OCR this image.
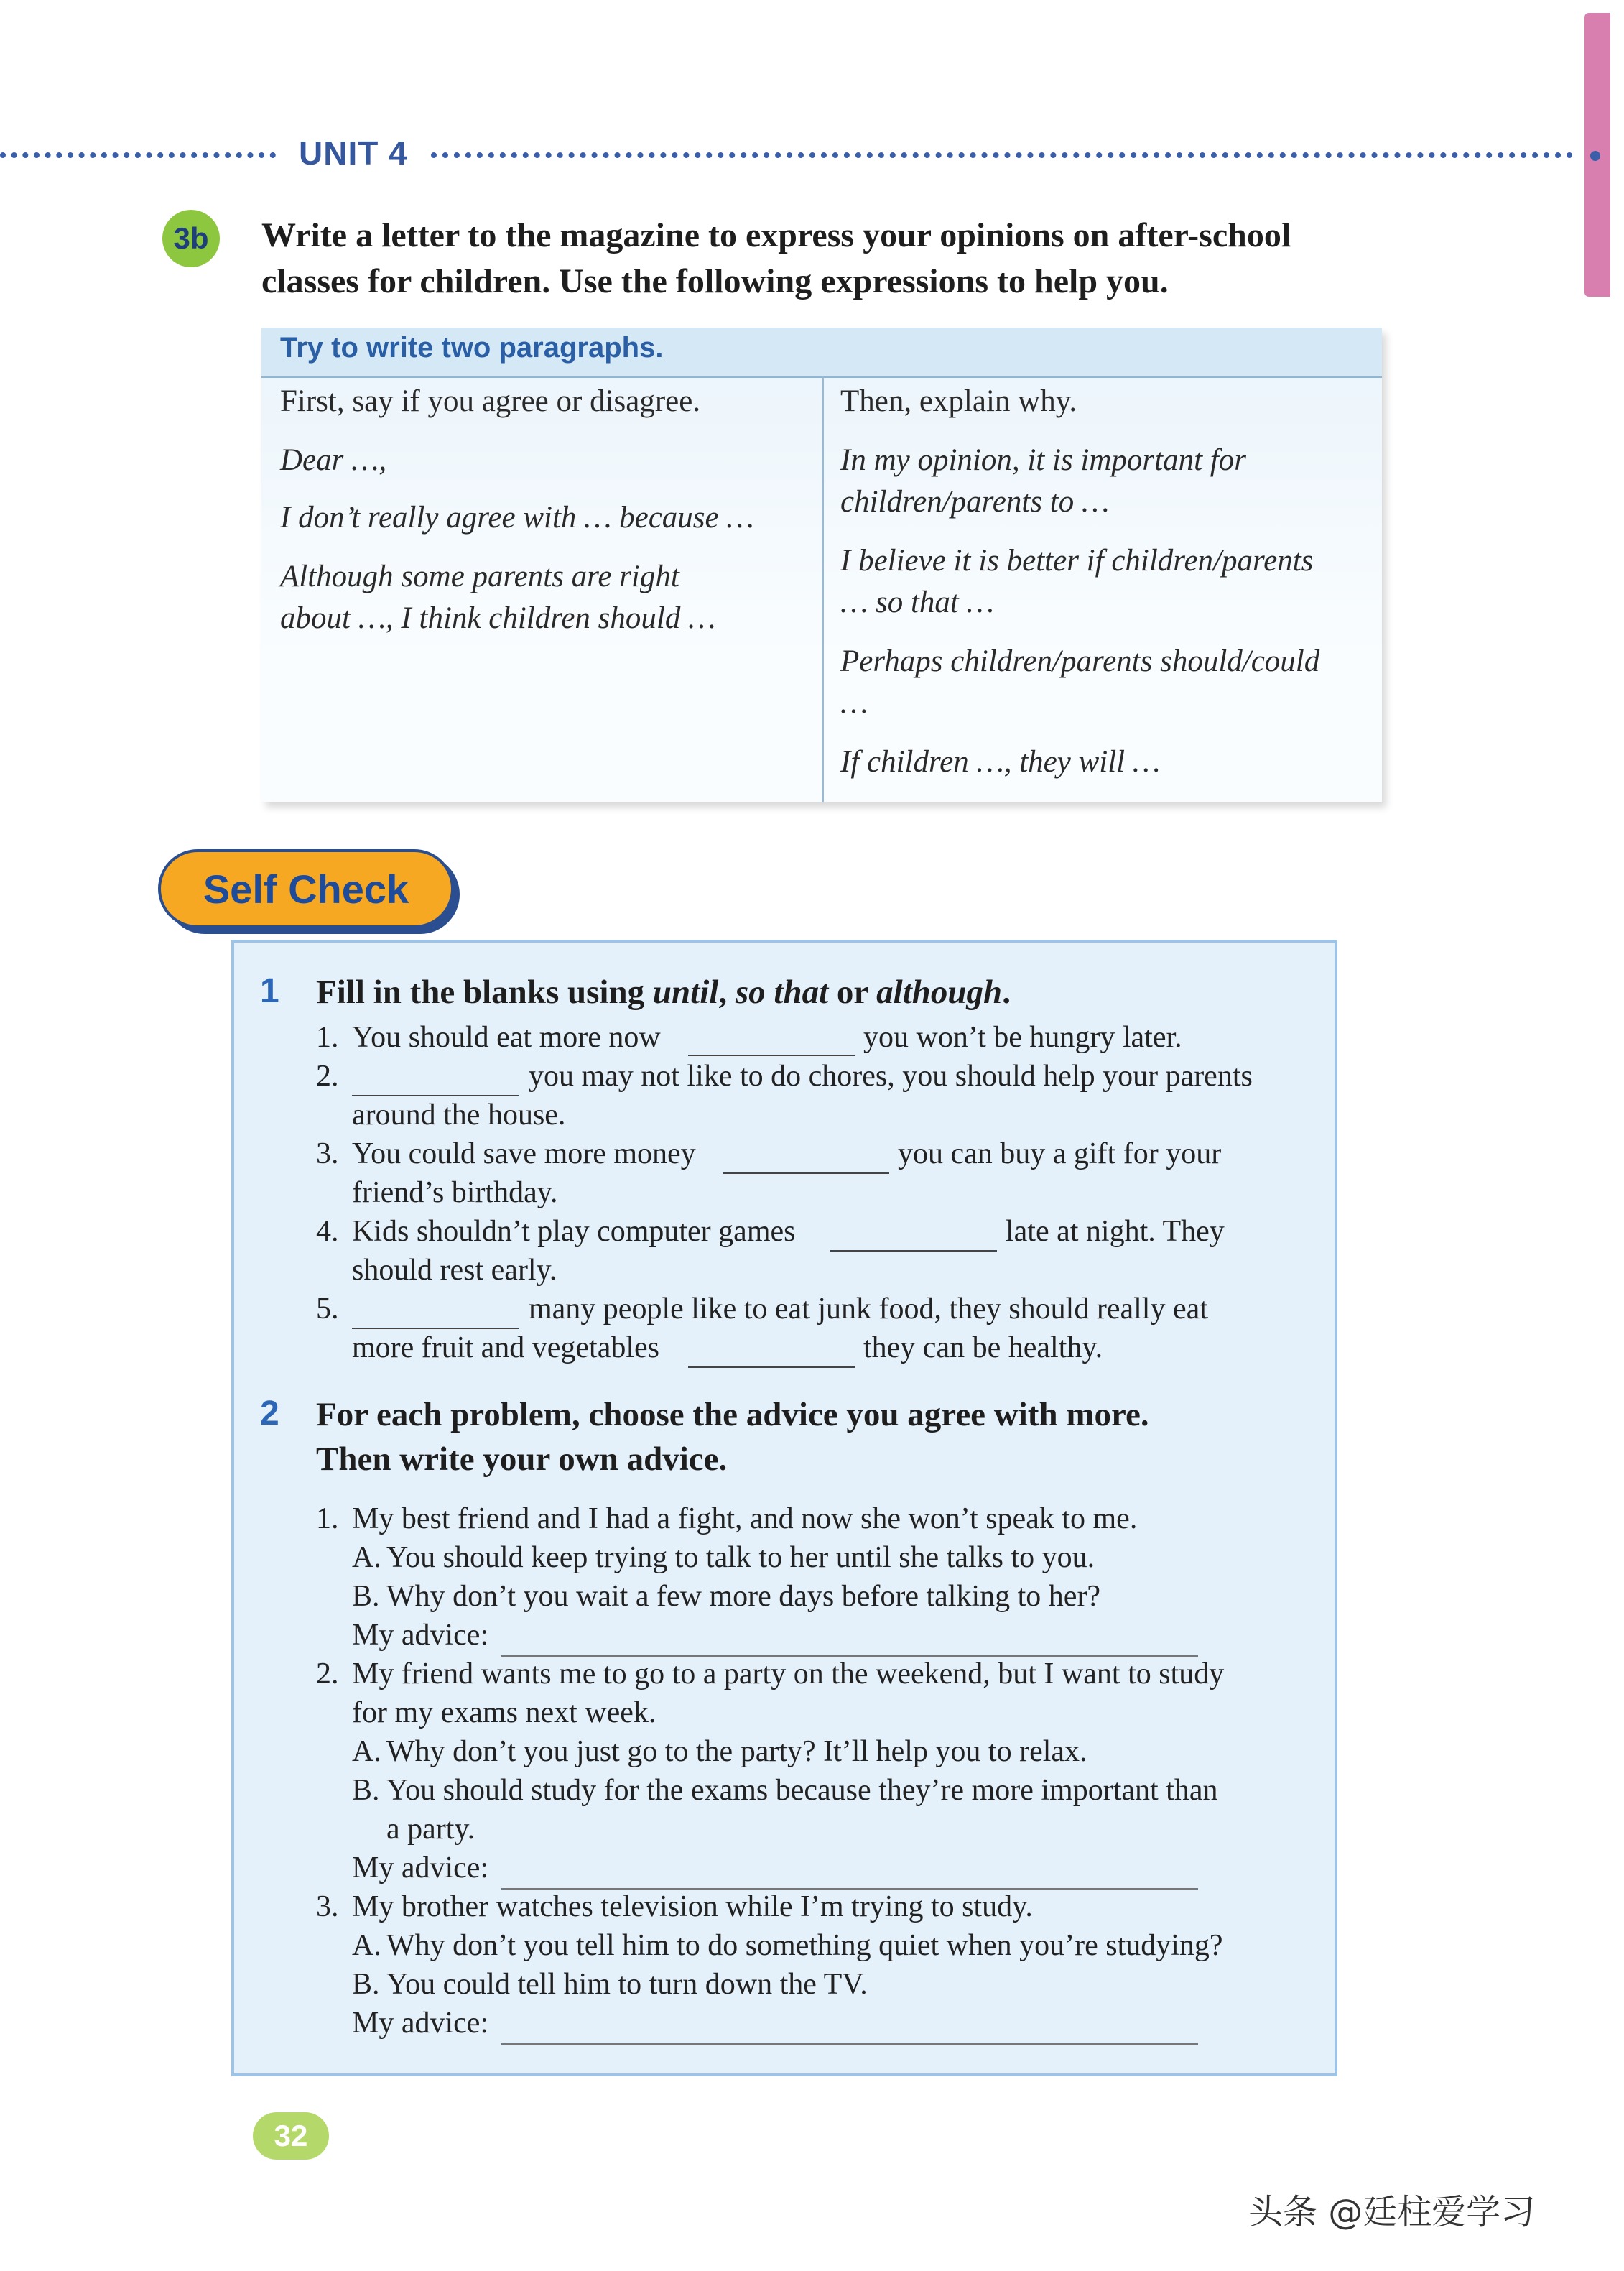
UNIT 4
3b	Write a letter to the magazine to express your opinions on after-school
classes for children. Use the following expressions to help you.
Try to write two paragraphs.
First, say if you agree or disagree.
Dear …,
I don’t really agree with … because …
Although some parents are right
about …, I think children should …
Then, explain why.
In my opinion, it is important for
children/parents to …
I believe it is better if children/parents
… so that …
Perhaps children/parents should/could
…
If children …, they will …
Self Check
1 Fill in the blanks using until, so that or although.
1. You should eat more now	you won’t be hungry later.
2.	you may not like to do chores, you should help your parents
around the house.
3. You could save more money	you can buy a gift for your
friend’s birthday.
4. Kids shouldn’t play computer games	late at night. They
should rest early.
5.	many people like to eat junk food, they should really eat
more fruit and vegetables	they can be healthy.
2 For each problem, choose the advice you agree with more.
Then write your own advice.
1. My best friend and I had a fight, and now she won’t speak to me.
A. You should keep trying to talk to her until she talks to you.
B. Why don’t you wait a few more days before talking to her?
My advice:
2. My friend wants me to go to a party on the weekend, but I want to study
for my exams next week.
A. Why don’t you just go to the party? It’ll help you to relax.
B. You should study for the exams because they’re more important than
a party.
My advice:
3. My brother watches television while I’m trying to study.
A. Why don’t you tell him to do something quiet when you’re studying?
B. You could tell him to turn down the TV.
My advice:
32
头条 @廷柱爱学习
